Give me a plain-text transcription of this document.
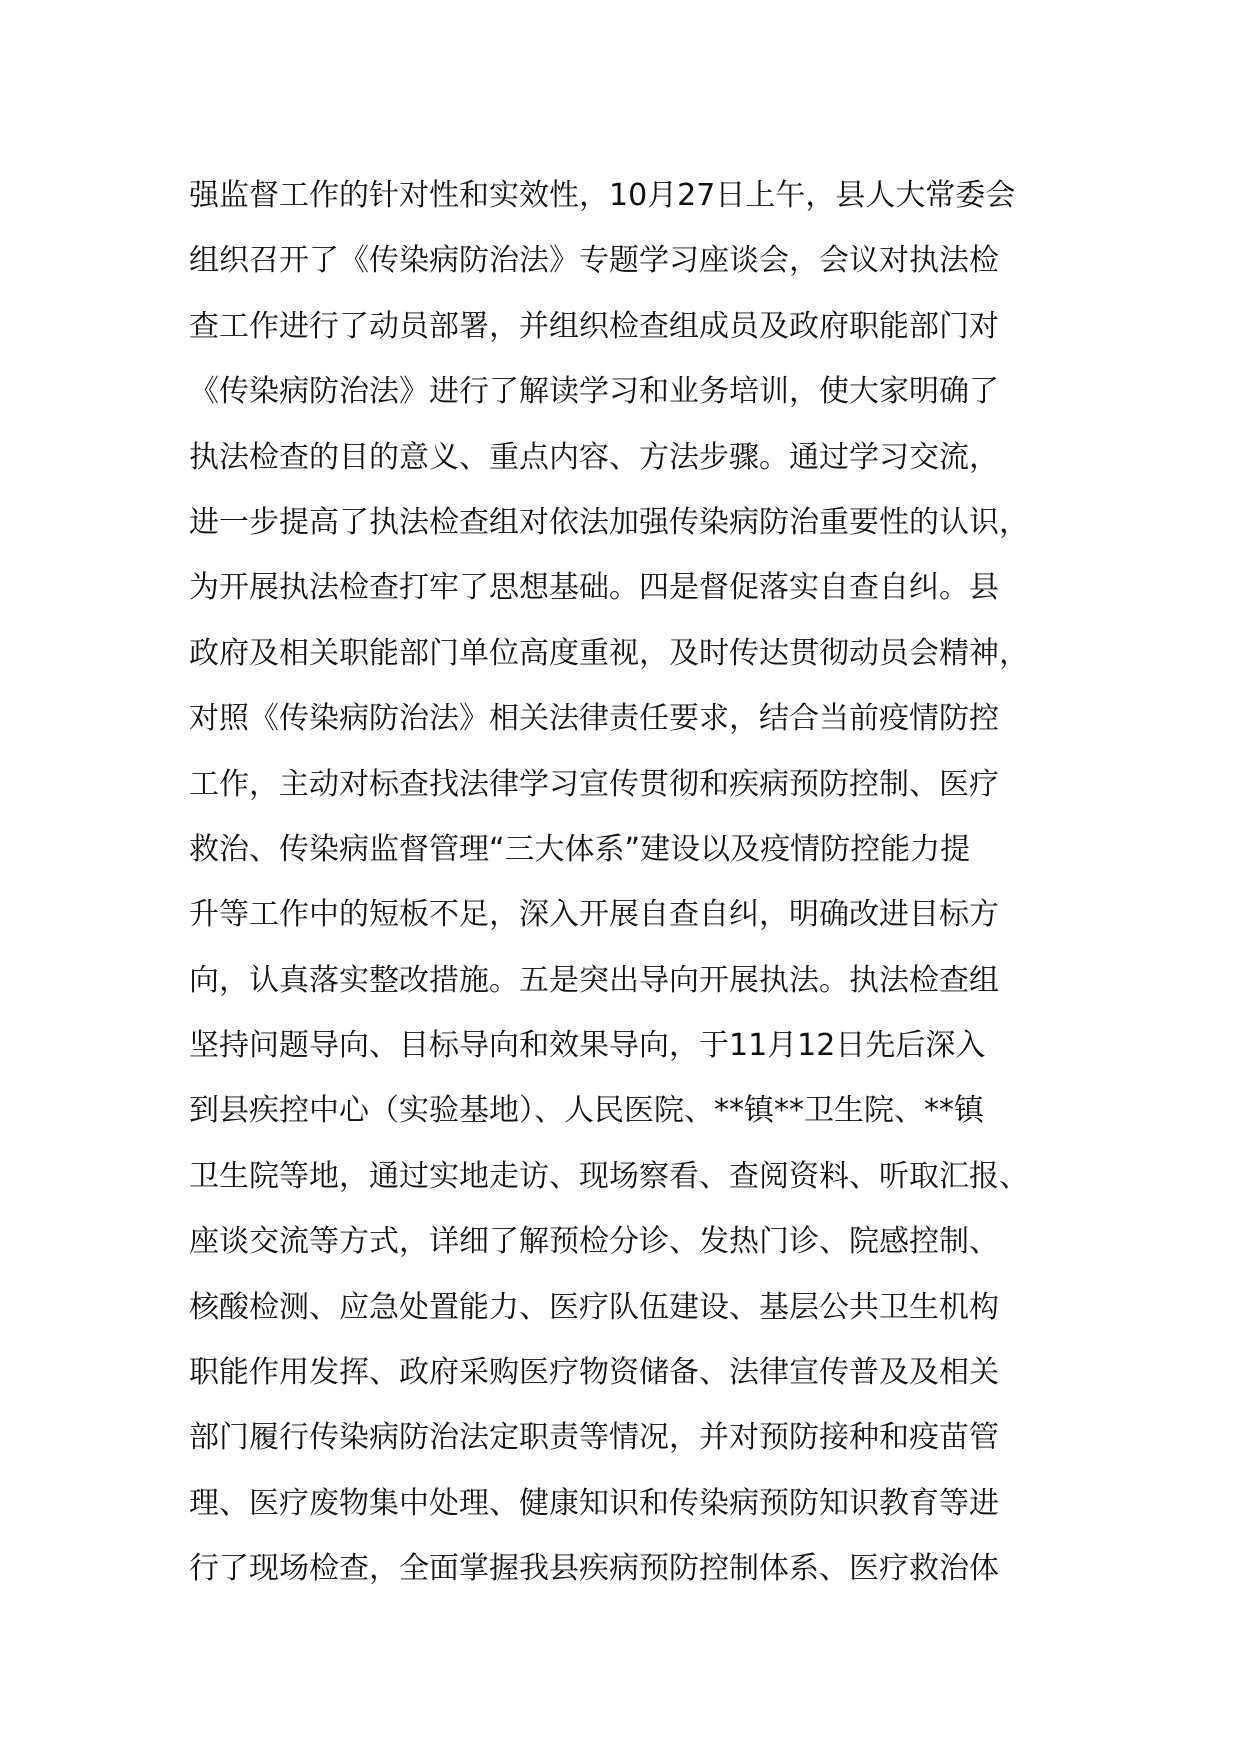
强监督工作的针对性和实效性，10月27日上午，县人大常委会
组织召开了《传染病防治法》专题学习座谈会，会议对执法检
查工作进行了动员部署，并组织检查组成员及政府职能部门对
《传染病防治法》进行了解读学习和业务培训，使大家明确了
执法检查的目的意义、重点内容、方法步骤。通过学习交流，
进一步提高了执法检查组对依法加强传染病防治重要性的认识，
为开展执法检查打牢了思想基础。四是督促落实自查自纠。县
政府及相关职能部门单位高度重视，及时传达贯彻动员会精神，
对照《传染病防治法》相关法律责任要求，结合当前疫情防控
工作，主动对标查找法律学习宣传贯彻和疾病预防控制、医疗
救治、传染病监督管理“三大体系”建设以及疫情防控能力提
升等工作中的短板不足，深入开展自查自纠，明确改进目标方
向，认真落实整改措施。五是突出导向开展执法。执法检查组
坚持问题导向、目标导向和效果导向，于11月12日先后深入
到县疾控中心（实验基地）、人民医院、**镇**卫生院、**镇
卫生院等地，通过实地走访、现场察看、查阅资料、听取汇报、
座谈交流等方式，详细了解预检分诊、发热门诊、院感控制、
核酸检测、应急处置能力、医疗队伍建设、基层公共卫生机构
职能作用发挥、政府采购医疗物资储备、法律宣传普及及相关
部门履行传染病防治法定职责等情况，并对预防接种和疫苗管
理、医疗废物集中处理、健康知识和传染病预防知识教育等进
行了现场检查，全面掌握我县疾病预防控制体系、医疗救治体
